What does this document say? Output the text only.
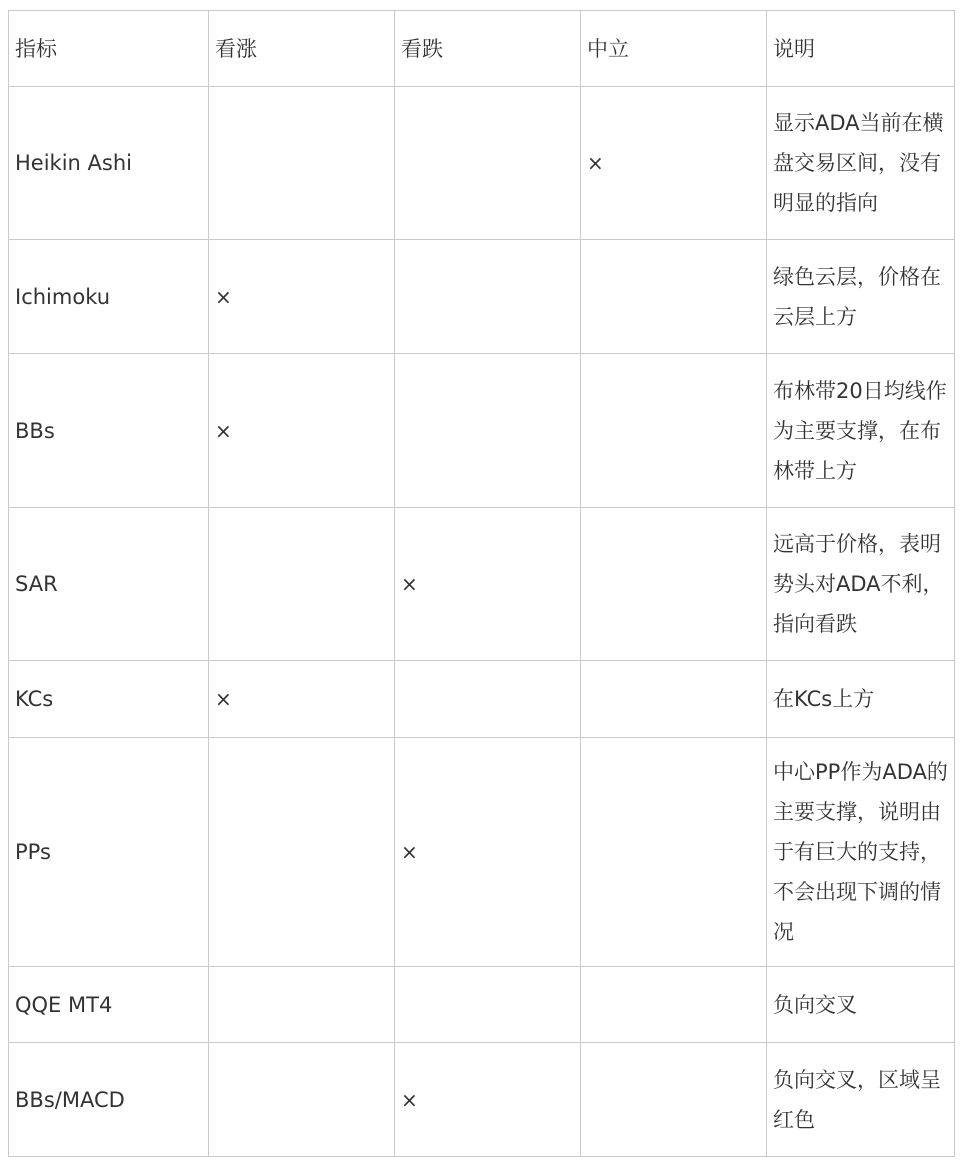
指标	看涨	看跌	中立	说明
Heikin Ashi			×	显示ADA当前在横盘交易区间，没有明显的指向
Ichimoku	×			绿色云层，价格在云层上方
BBs	×			布林带20日均线作为主要支撑，在布林带上方
SAR		×		远高于价格，表明势头对ADA不利，指向看跌
KCs	×			在KCs上方
PPs		×		中心PP作为ADA的主要支撑，说明由于有巨大的支持，不会出现下调的情况
QQE MT4				负向交叉
BBs/MACD		×		负向交叉，区域呈红色
